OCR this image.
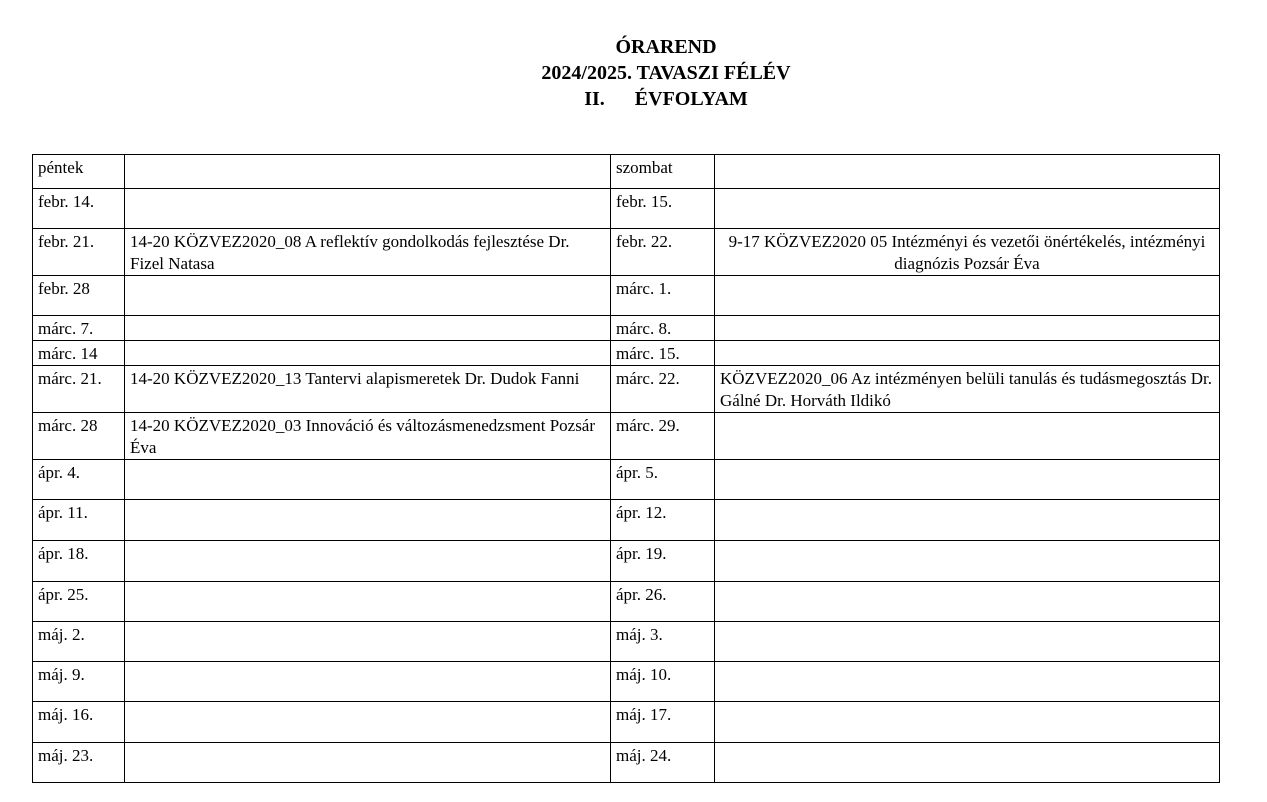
ÓRAREND
2024/2025. TAVASZI FÉLÉV
II. ÉVFOLYAM
péntek		szombat	
febr. 14.		febr. 15.	
febr. 21.	14-20 KÖZVEZ2020_08 A reflektív gondolkodás fejlesztése Dr. Fizel Natasa	febr. 22.	9-17 KÖZVEZ2020 05 Intézményi és vezetői önértékelés, intézményi diagnózis Pozsár Éva
febr. 28		márc. 1.	
márc. 7.		márc. 8.	
márc. 14		márc. 15.	
márc. 21.	14-20 KÖZVEZ2020_13 Tantervi alapismeretek Dr. Dudok Fanni	márc. 22.	KÖZVEZ2020_06 Az intézményen belüli tanulás és tudásmegosztás Dr. Gálné Dr. Horváth Ildikó
márc. 28	14-20 KÖZVEZ2020_03 Innováció és változásmenedzsment Pozsár Éva	márc. 29.	
ápr. 4.		ápr. 5.	
ápr. 11.		ápr. 12.	
ápr. 18.		ápr. 19.	
ápr. 25.		ápr. 26.	
máj. 2.		máj. 3.	
máj. 9.		máj. 10.	
máj. 16.		máj. 17.	
máj. 23.		máj. 24.	
